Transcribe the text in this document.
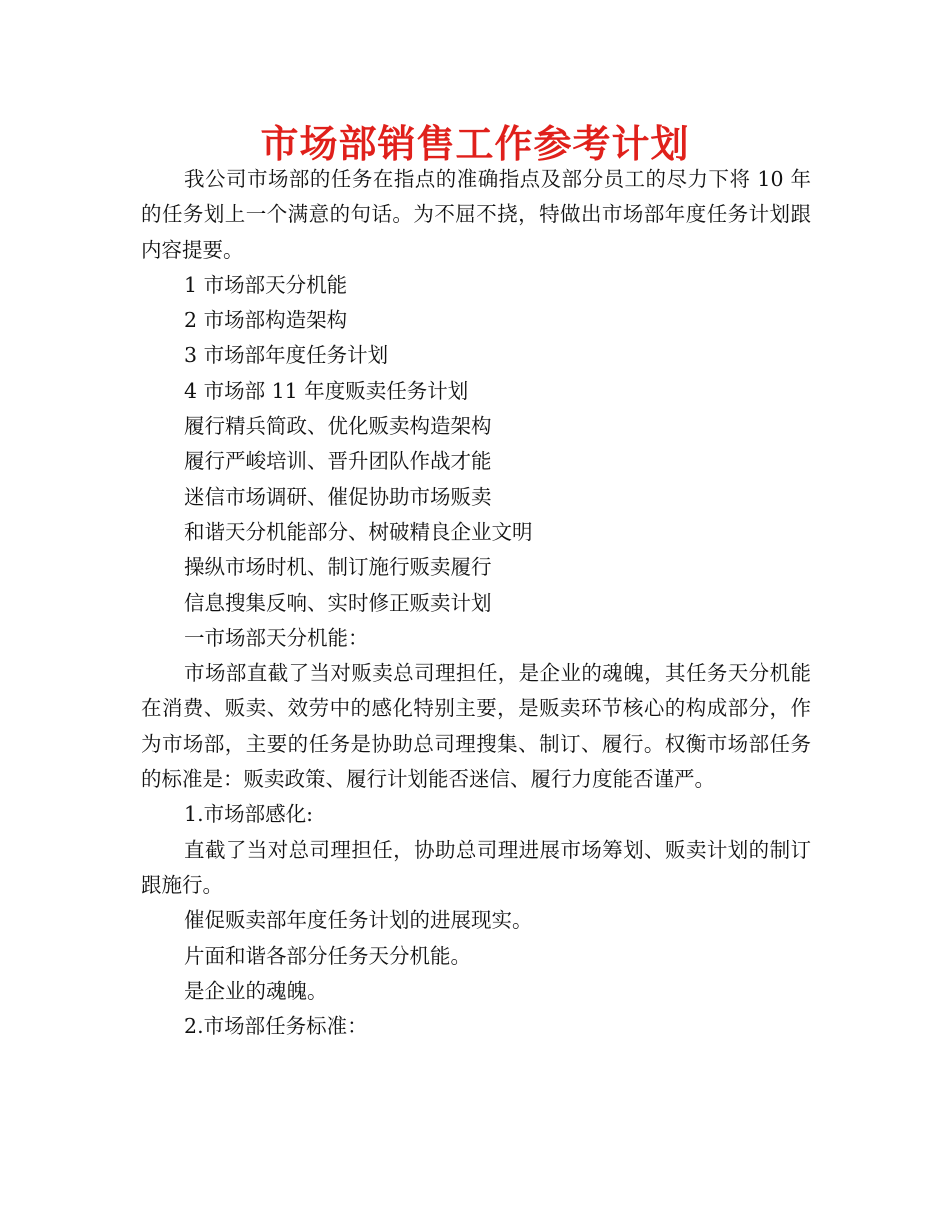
市场部销售工作参考计划

我公司市场部的任务在指点的准确指点及部分员工的尽力下将 10 年的任务划上一个满意的句话。为不屈不挠，特做出市场部年度任务计划跟内容提要。

1 市场部天分机能

2 市场部构造架构

3 市场部年度任务计划

4 市场部 11 年度贩卖任务计划

履行精兵简政、优化贩卖构造架构

履行严峻培训、晋升团队作战才能

迷信市场调研、催促协助市场贩卖

和谐天分机能部分、树破精良企业文明

操纵市场时机、制订施行贩卖履行

信息搜集反响、实时修正贩卖计划

一市场部天分机能：

市场部直截了当对贩卖总司理担任，是企业的魂魄，其任务天分机能在消费、贩卖、效劳中的感化特别主要，是贩卖环节核心的构成部分，作为市场部，主要的任务是协助总司理搜集、制订、履行。权衡市场部任务的标准是：贩卖政策、履行计划能否迷信、履行力度能否谨严。

1.市场部感化:

直截了当对总司理担任，协助总司理进展市场筹划、贩卖计划的制订跟施行。

催促贩卖部年度任务计划的进展现实。

片面和谐各部分任务天分机能。

是企业的魂魄。

2.市场部任务标准：
